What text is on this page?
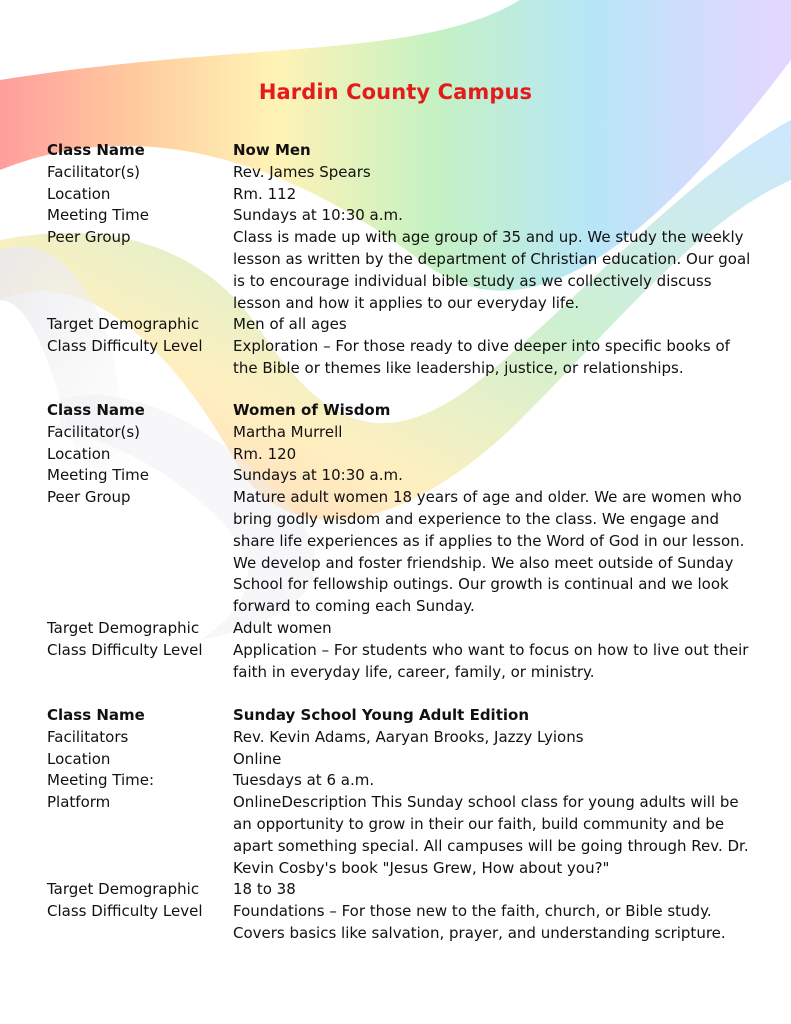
Hardin County Campus
Class Name	Now Men
Facilitator(s)	Rev. James Spears
Location	Rm. 112
Meeting Time	Sundays at 10:30 a.m.
Peer Group	Class is made up with age group of 35 and up. We study the weekly lesson as written by the department of Christian education. Our goal is to encourage individual bible study as we collectively discuss lesson and how it applies to our everyday life.
Target Demographic	Men of all ages
Class Difficulty Level	Exploration – For those ready to dive deeper into specific books of the Bible or themes like leadership, justice, or relationships.
Class Name	Women of Wisdom
Facilitator(s)	Martha Murrell
Location	Rm. 120
Meeting Time	Sundays at 10:30 a.m.
Peer Group	Mature adult women 18 years of age and older. We are women who bring godly wisdom and experience to the class. We engage and share life experiences as if applies to the Word of God in our lesson. We develop and foster friendship. We also meet outside of Sunday School for fellowship outings. Our growth is continual and we look forward to coming each Sunday.
Target Demographic	Adult women
Class Difficulty Level	Application – For students who want to focus on how to live out their faith in everyday life, career, family, or ministry.
Class Name	Sunday School Young Adult Edition
Facilitators	Rev. Kevin Adams, Aaryan Brooks, Jazzy Lyions
Location	Online
Meeting Time:	Tuesdays at 6 a.m.
Platform	OnlineDescription This Sunday school class for young adults will be an opportunity to grow in their our faith, build community and be apart something special. All campuses will be going through Rev. Dr. Kevin Cosby's book "Jesus Grew, How about you?"
Target Demographic	18 to 38
Class Difficulty Level	Foundations – For those new to the faith, church, or Bible study. Covers basics like salvation, prayer, and understanding scripture.
